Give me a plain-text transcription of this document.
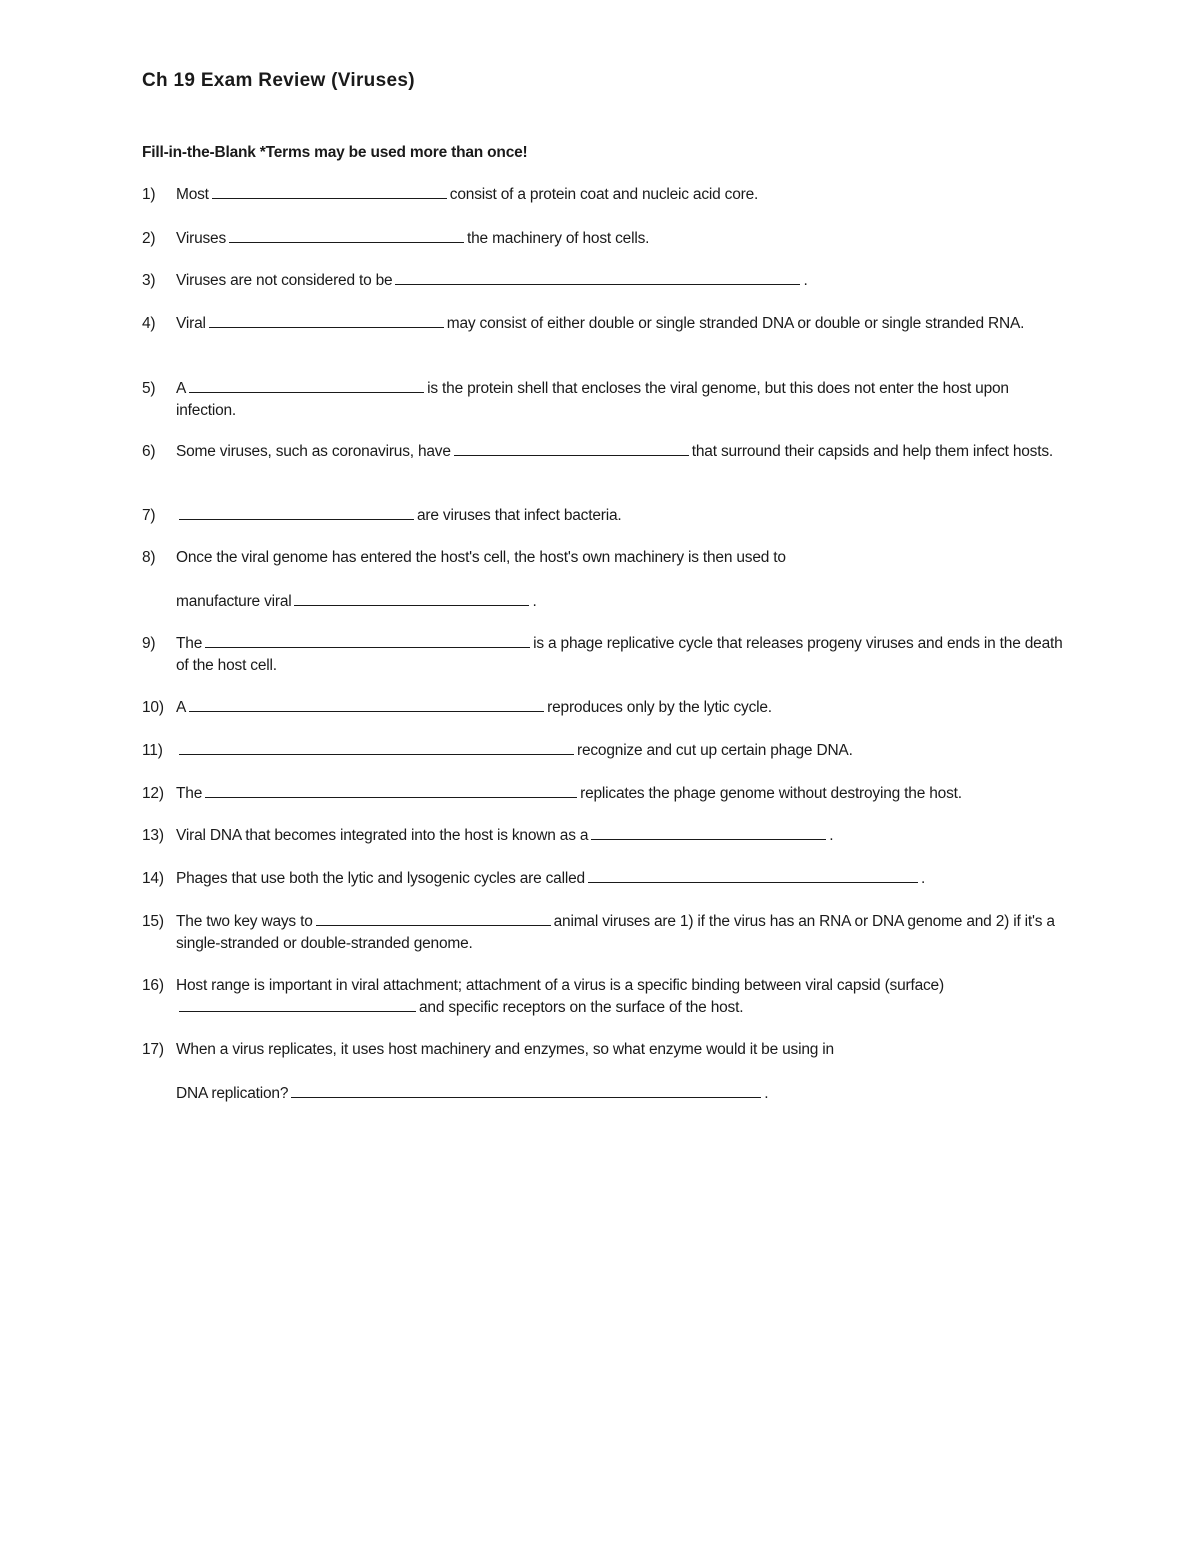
Ch 19 Exam Review (Viruses)
Fill-in-the-Blank *Terms may be used more than once!
1) Most	consist of a protein coat and nucleic acid core.
2) Viruses	the machinery of host cells.
3) Viruses are not considered to be	.
4) Viral	may consist of either double or single stranded DNA or double or single stranded RNA.
5) A	is the protein shell that encloses the viral genome, but this does not enter the host upon infection.
6) Some viruses, such as coronavirus, have	that surround their capsids and help them infect hosts.
7)	are viruses that infect bacteria.
8) Once the viral genome has entered the host's cell, the host's own machinery is then used to
manufacture viral	.
9) The	is a phage replicative cycle that releases progeny viruses and ends in the death of the host cell.
10) A	reproduces only by the lytic cycle.
11)	recognize and cut up certain phage DNA.
12) The	replicates the phage genome without destroying the host.
13) Viral DNA that becomes integrated into the host is known as a	.
14) Phages that use both the lytic and lysogenic cycles are called	.
15) The two key ways to	animal viruses are 1) if the virus has an RNA or DNA genome and 2) if it's a single-stranded or double-stranded genome.
16) Host range is important in viral attachment; attachment of a virus is a specific binding between viral capsid (surface)and specific receptors on the surface of the host.
17) When a virus replicates, it uses host machinery and enzymes, so what enzyme would it be using in
DNA replication?	.
